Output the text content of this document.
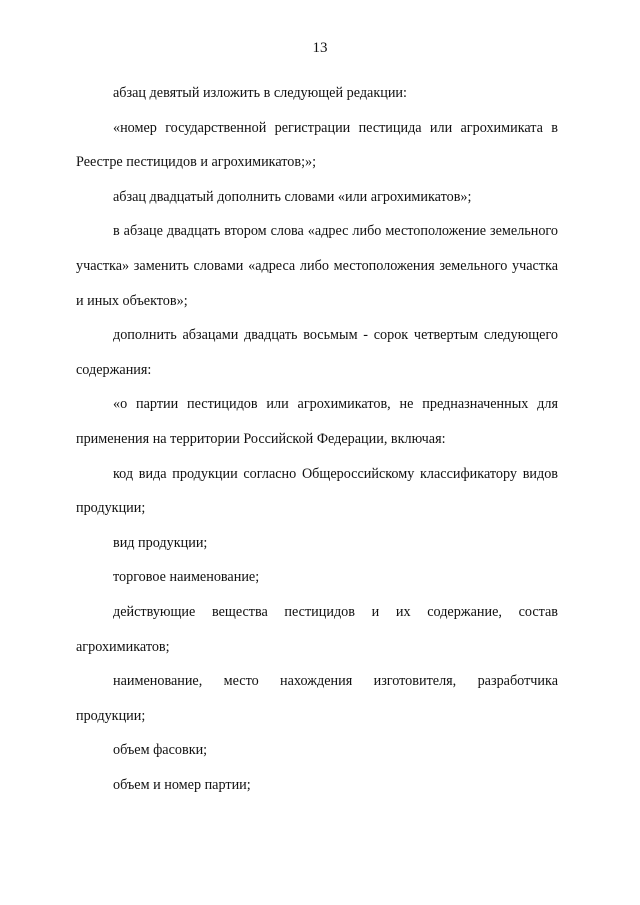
13

абзац девятый изложить в следующей редакции:

«номер государственной регистрации пестицида или агрохимиката в Реестре пестицидов и агрохимикатов;»;

абзац двадцатый дополнить словами «или агрохимикатов»;

в абзаце двадцать втором слова «адрес либо местоположение земельного участка» заменить словами «адреса либо местоположения земельного участка и иных объектов»;

дополнить абзацами двадцать восьмым - сорок четвертым следующего содержания:

«о партии пестицидов или агрохимикатов, не предназначенных для применения на территории Российской Федерации, включая:

код вида продукции согласно Общероссийскому классификатору видов продукции;

вид продукции;

торговое наименование;

действующие вещества пестицидов и их содержание, состав агрохимикатов;

наименование, место нахождения изготовителя, разработчика продукции;

объем фасовки;

объем и номер партии;
